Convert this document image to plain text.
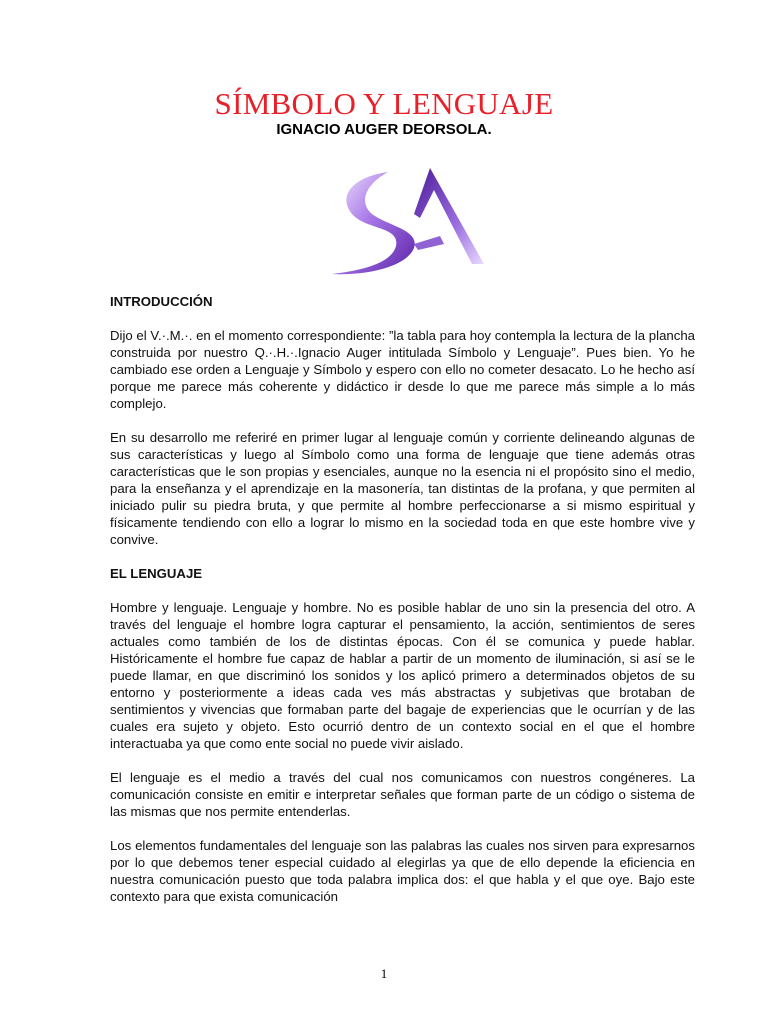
SÍMBOLO Y LENGUAJE
IGNACIO AUGER DEORSOLA.

INTRODUCCIÓN

Dijo el V.·.M.·. en el momento correspondiente: ”la tabla para hoy contempla la lectura de la plancha construida por nuestro Q.·.H.·.Ignacio Auger intitulada Símbolo y Lenguaje”. Pues bien. Yo he cambiado ese orden a Lenguaje y Símbolo y espero con ello no cometer desacato. Lo he hecho así porque me parece más coherente y didáctico ir desde lo que me parece más simple a lo más complejo.

En su desarrollo me referiré en primer lugar al lenguaje común y corriente delineando algunas de sus características y luego al Símbolo como una forma de lenguaje que tiene además otras características que le son propias y esenciales, aunque no la esencia ni el propósito sino el medio, para la enseñanza y el aprendizaje en la masonería, tan distintas de la profana, y que permiten al iniciado pulir su piedra bruta, y que permite al hombre perfeccionarse a si mismo espiritual y físicamente tendiendo con ello a lograr lo mismo en la sociedad toda en que este hombre vive y convive.

EL LENGUAJE

Hombre y lenguaje. Lenguaje y hombre. No es posible hablar de uno sin la presencia del otro. A través del lenguaje el hombre logra capturar el pensamiento, la acción, sentimientos de seres actuales como también de los de distintas épocas. Con él se comunica y puede hablar. Históricamente el hombre fue capaz de hablar a partir de un momento de iluminación, si así se le puede llamar, en que discriminó los sonidos y los aplicó primero a determinados objetos de su entorno y posteriormente a ideas cada ves más abstractas y subjetivas que brotaban de sentimientos y vivencias que formaban parte del bagaje de experiencias que le ocurrían y de las cuales era sujeto y objeto. Esto ocurrió dentro de un contexto social en el que el hombre interactuaba ya que como ente social no puede vivir aislado.

El lenguaje es el medio a través del cual nos comunicamos con nuestros congéneres. La comunicación consiste en emitir e interpretar señales que forman parte de un código o sistema de las mismas que nos permite entenderlas.

Los elementos fundamentales del lenguaje son las palabras las cuales nos sirven para expresarnos por lo que debemos tener especial cuidado al elegirlas ya que de ello depende la eficiencia en nuestra comunicación puesto que toda palabra implica dos: el que habla y el que oye. Bajo este contexto para que exista comunicación

1
